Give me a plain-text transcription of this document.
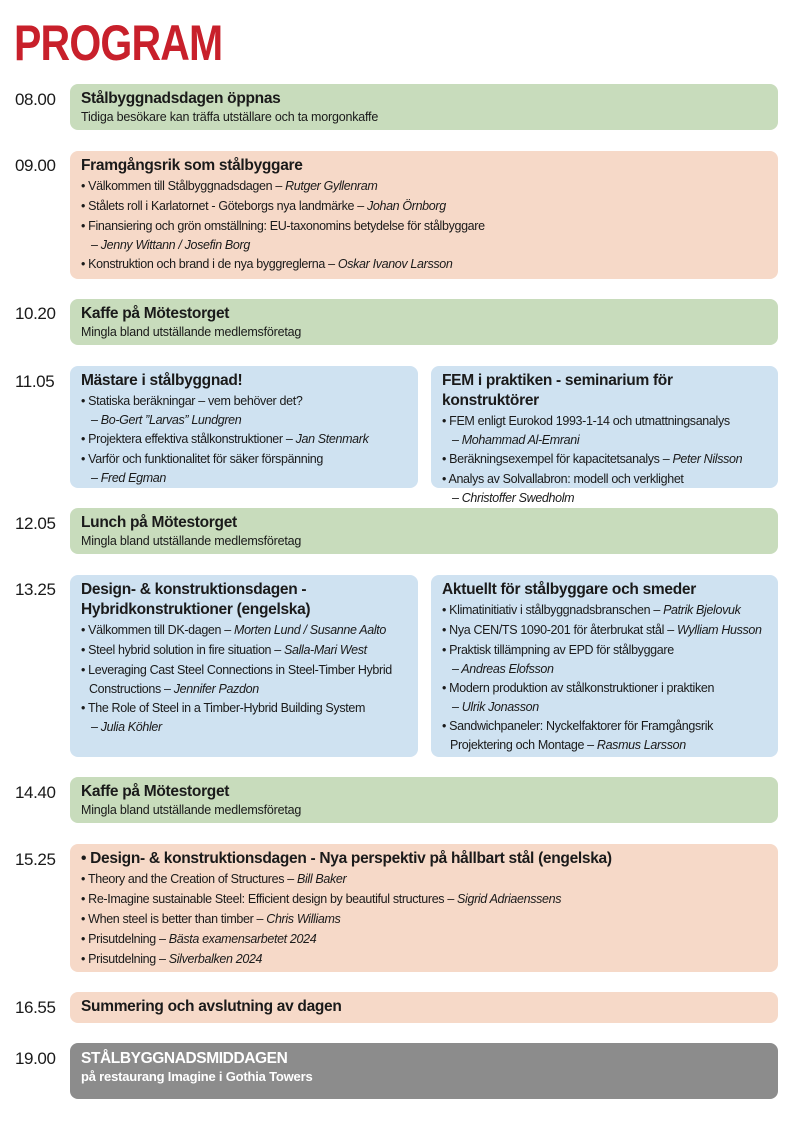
PROGRAM
08.00 Stålbyggnadsdagen öppnas
Tidiga besökare kan träffa utställare och ta morgonkaffe
09.00 Framgångsrik som stålbyggare
• Välkommen till Stålbyggnadsdagen – Rutger Gyllenram
• Stålets roll i Karlatornet - Göteborgs nya landmärke – Johan Örnborg
• Finansiering och grön omställning: EU-taxonomins betydelse för stålbyggare
– Jenny Wittann / Josefin Borg
• Konstruktion och brand i de nya byggreglerna – Oskar Ivanov Larsson
10.20 Kaffe på Mötestorget
Mingla bland utställande medlemsföretag
11.05 Mästare i stålbyggnad!
• Statiska beräkningar – vem behöver det?
– Bo-Gert ”Larvas” Lundgren
• Projektera effektiva stålkonstruktioner – Jan Stenmark
• Varför och funktionalitet för säker förspänning
– Fred Egman
FEM i praktiken - seminarium för konstruktörer
• FEM enligt Eurokod 1993-1-14 och utmattningsanalys
– Mohammad Al-Emrani
• Beräkningsexempel för kapacitetsanalys – Peter Nilsson
• Analys av Solvallabron: modell och verklighet
– Christoffer Swedholm
12.05 Lunch på Mötestorget
Mingla bland utställande medlemsföretag
13.25 Design- & konstruktionsdagen -
Hybridkonstruktioner (engelska)
• Välkommen till DK-dagen – Morten Lund / Susanne Aalto
• Steel hybrid solution in fire situation – Salla-Mari West
• Leveraging Cast Steel Connections in Steel-Timber Hybrid
Constructions – Jennifer Pazdon
• The Role of Steel in a Timber-Hybrid Building System
– Julia Köhler
Aktuellt för stålbyggare och smeder
• Klimatinitiativ i stålbyggnadsbranschen – Patrik Bjelovuk
• Nya CEN/TS 1090-201 för återbrukat stål – Wylliam Husson
• Praktisk tillämpning av EPD för stålbyggare
– Andreas Elofsson
• Modern produktion av stålkonstruktioner i praktiken
– Ulrik Jonasson
• Sandwichpaneler: Nyckelfaktorer för Framgångsrik
Projektering och Montage – Rasmus Larsson
14.40 Kaffe på Mötestorget
Mingla bland utställande medlemsföretag
15.25 • Design- & konstruktionsdagen - Nya perspektiv på hållbart stål (engelska)
• Theory and the Creation of Structures – Bill Baker
• Re-Imagine sustainable Steel: Efficient design by beautiful structures – Sigrid Adriaenssens
• When steel is better than timber – Chris Williams
• Prisutdelning – Bästa examensarbetet 2024
• Prisutdelning – Silverbalken 2024
16.55 Summering och avslutning av dagen
19.00 STÅLBYGGNADSMIDDAGEN
på restaurang Imagine i Gothia Towers
